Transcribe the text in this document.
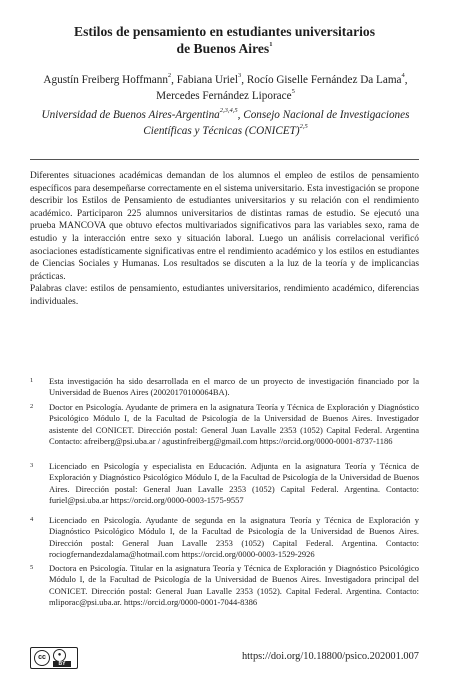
Estilos de pensamiento en estudiantes universitarios
de Buenos Aires$^1$
Agustín Freiberg Hoffmann$^2$, Fabiana Uriel$^3$, Rocío Giselle Fernández Da Lama$^4$, Mercedes Fernández Liporace$^5$
Universidad de Buenos Aires-Argentina$^{2,3,4,5}$, Consejo Nacional de Investigaciones Científicas y Técnicas (CONICET)$^{2,5}$

Diferentes situaciones académicas demandan de los alumnos el empleo de estilos de pensamiento específicos para desempeñarse correctamente en el sistema universitario. Esta investigación se propone describir los Estilos de Pensamiento de estudiantes universitarios y su relación con el rendimiento académico. Participaron 225 alumnos universitarios de distintas ramas de estudio. Se ejecutó una prueba MANCOVA que obtuvo efectos multivariados significativos para las variables sexo, rama de estudio y la interacción entre sexo y situación laboral. Luego un análisis correlacional verificó asociaciones estadísticamente significativas entre el rendimiento académico y los estilos en estudiantes de Ciencias Sociales y Humanas. Los resultados se discuten a la luz de la teoría y de implicancias prácticas.

Palabras clave: estilos de pensamiento, estudiantes universitarios, rendimiento académico, diferencias individuales.

1 Esta investigación ha sido desarrollada en el marco de un proyecto de investigación financiado por la Universidad de Buenos Aires (20020170100064BA).
2 Doctor en Psicología. Ayudante de primera en la asignatura Teoría y Técnica de Exploración y Diagnóstico Psicológico Módulo I, de la Facultad de Psicología de la Universidad de Buenos Aires. Investigador asistente del CONICET. Dirección postal: General Juan Lavalle 2353 (1052) Capital Federal. Argentina Contacto: afreiberg@psi.uba.ar / agustinfreiberg@gmail.com https://orcid.org/0000-0001-8737-1186
3 Licenciado en Psicología y especialista en Educación. Adjunta en la asignatura Teoría y Técnica de Exploración y Diagnóstico Psicológico Módulo I, de la Facultad de Psicología de la Universidad de Buenos Aires. Dirección postal: General Juan Lavalle 2353 (1052) Capital Federal. Argentina. Contacto: furiel@psi.uba.ar https://orcid.org/0000-0003-1575-9557
4 Licenciado en Psicología. Ayudante de segunda en la asignatura Teoría y Técnica de Exploración y Diagnóstico Psicológico Módulo I, de la Facultad de Psicología de la Universidad de Buenos Aires. Dirección postal: General Juan Lavalle 2353 (1052) Capital Federal. Argentina. Contacto: rociogfernandezdalama@hotmail.com https://orcid.org/0000-0003-1529-2926
5 Doctora en Psicología. Titular en la asignatura Teoría y Técnica de Exploración y Diagnóstico Psicológico Módulo I, de la Facultad de Psicología de la Universidad de Buenos Aires. Investigadora principal del CONICET. Dirección postal: General Juan Lavalle 2353 (1052). Capital Federal. Argentina. Contacto: mliporac@psi.uba.ar. https://orcid.org/0000-0001-7044-8386
cc	●
BY
https://doi.org/10.18800/psico.202001.007
